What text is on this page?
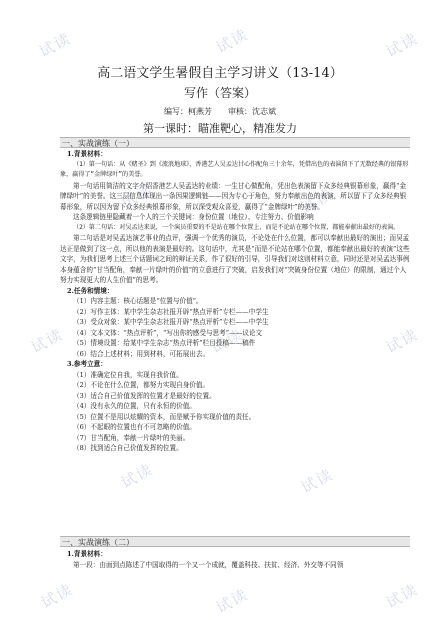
试读	试读	试读
试读	试读
试读	试读	试读
试读	试读
试读	试读	试读
高二语文学生暑假自主学习讲义（13-14）
写作（答案）
编写：柯燕芳　　审核：沈志斌
第一课时：瞄准靶心，精准发力
一、实战演练（一）

1.背景材料：

（1）第一句话：从《赌圣》到《流浪地球》，香港艺人吴孟达甘心作配角三十余年，凭借出色的表演留下了无数经典的银幕形象，赢得了“金牌绿叶”的美誉。

第一句话用简洁的文字介绍香港艺人吴孟达的业绩：一生甘心做配角，凭出色表演留下众多经典银幕形象，赢得“金牌绿叶”的美誉。这三层信息体现出一条因果逻辑链——因为专心于角色，努力奉献出色的表演，所以留下了众多经典银幕形象，所以因为留下众多经典银幕形象，所以深受观众喜爱，赢得了“金牌绿叶”的美誉。

这条逻辑链里隐藏着一个人的三个关键词：身份位置（地位）、专注努力、价值影响

（2）第二句话：对吴孟达来说，一个演员重要的不是站在哪个位置上，而是不论站在哪个位置，都能奉献出最好的表演。

第二句话是对吴孟达演艺事业的点评，强调一个优秀的演员，不论处在什么位置，都可以奉献出最好的演出；而吴孟达正是做到了这一点，所以他的表演是最好的。这句话中，尤其是“而是不论站在哪个位置，都能奉献出最好的表演”这些文字，为我们思考上述三个话题词之间的辩证关系，作了很好的引导，引导我们对这则材料立意，同时还是对吴孟达事例本身蕴含的“甘当配角，奉献一片绿叶的价值”的立意进行了突破，启发我们对“突破身份位置（地位）的限制，通过个人努力实现更大的人生价值”的思考。

2.任务和情境：

（1）内容主题：核心话题是“位置与价值”。

（2）写作主体：某中学生杂志社报开辟“热点评析”专栏——中学生

（3）受众对象：某中学生杂志社报开辟“热点评析”专栏——中学生

（4）文本文体：“热点评析”，“写出你的感受与思考”——议论文

（5）情境设置：给某中学生杂志“热点评析”栏目投稿——稿件

（6）结合上述材料；用到材料，可拓展出去。

3.参考立意：

（1）准确定位自我，实现自我价值。

（2）不论在什么位置，都努力实现自身价值。

（3）适合自己价值发挥的位置才是最好的位置。

（4）没有永久的位置，只有永恒的价值。

（5）位置不是用以炫耀的资本，而是赋予你实现价值的责任。

（6）不起眼的位置也有不可忽略的价值。

（7）甘当配角，奉献一片绿叶的美丽。

（8）找到适合自己价值发挥的位置。

一、实战演练（二）

1.背景材料：

第一段：由面到点陈述了中国取得的一个又一个成就，覆盖科技、扶贫、经济、外交等不同领
